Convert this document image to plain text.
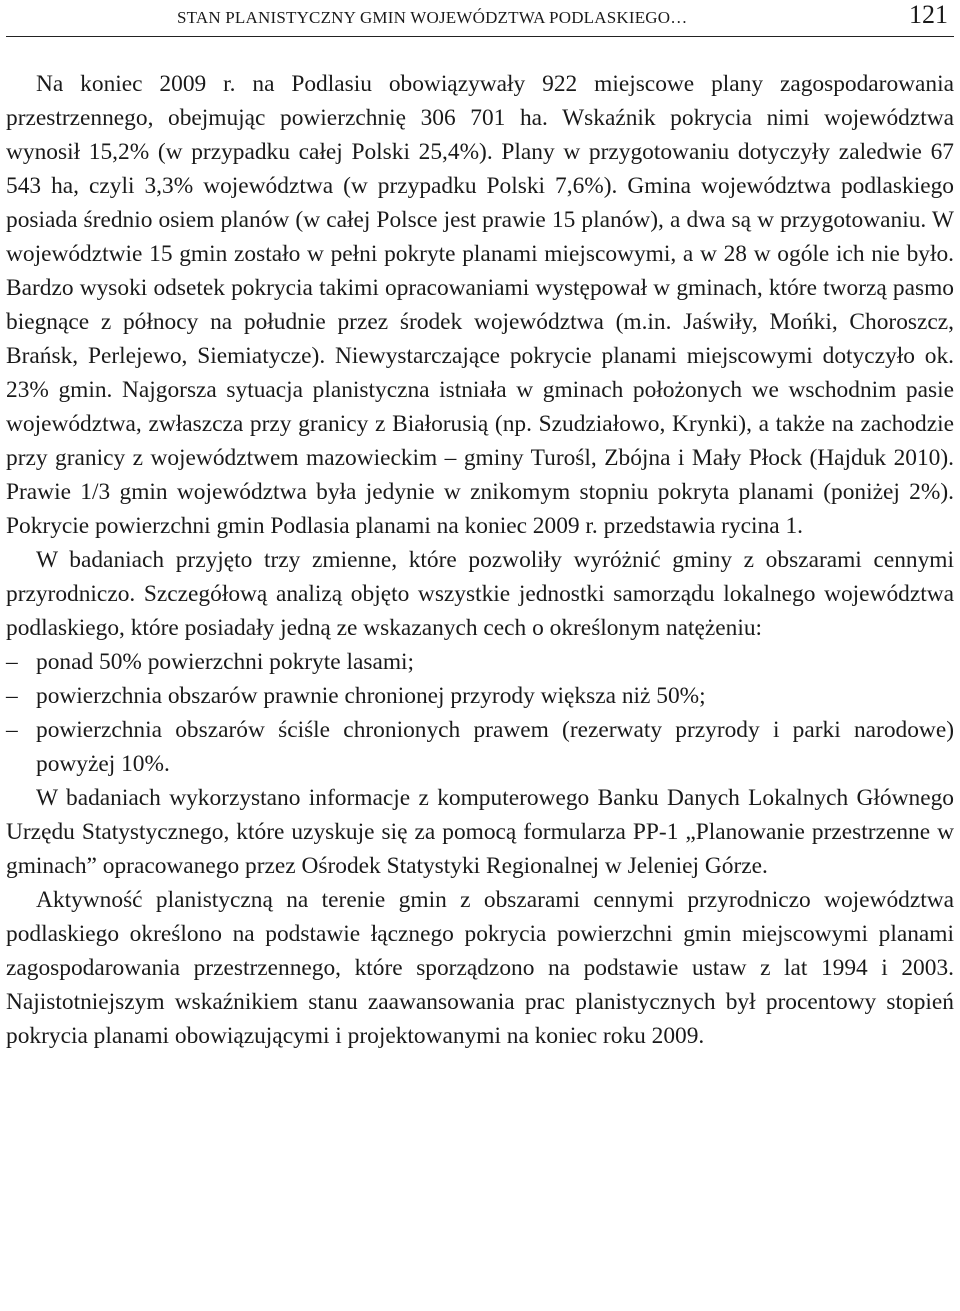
STAN PLANISTYCZNY GMIN WOJEWÓDZTWA PODLASKIEGO…	121

Na koniec 2009 r. na Podlasiu obowiązywały 922 miejscowe plany zagospodarowania przestrzennego, obejmując powierzchnię 306 701 ha. Wskaźnik pokrycia nimi województwa wynosił 15,2% (w przypadku całej Polski 25,4%). Plany w przygotowaniu dotyczyły zaledwie 67 543 ha, czyli 3,3% województwa (w przypadku Polski 7,6%). Gmina województwa podlaskiego posiada średnio osiem planów (w całej Polsce jest prawie 15 planów), a dwa są w przygotowaniu. W województwie 15 gmin zostało w pełni pokryte planami miejscowymi, a w 28 w ogóle ich nie było. Bardzo wysoki odsetek pokrycia takimi opracowaniami występował w gminach, które tworzą pasmo biegnące z północy na południe przez środek województwa (m.in. Jaświły, Mońki, Choroszcz, Brańsk, Perlejewo, Siemiatycze). Niewystarczające pokrycie planami miejscowymi dotyczyło ok. 23% gmin. Najgorsza sytuacja planistyczna istniała w gminach położonych we wschodnim pasie województwa, zwłaszcza przy granicy z Białorusią (np. Szudziałowo, Krynki), a także na zachodzie przy granicy z województwem mazowieckim – gminy Turośl, Zbójna i Mały Płock (Hajduk 2010). Prawie 1/3 gmin województwa była jedynie w znikomym stopniu pokryta planami (poniżej 2%). Pokrycie powierzchni gmin Podlasia planami na koniec 2009 r. przedstawia rycina 1.

W badaniach przyjęto trzy zmienne, które pozwoliły wyróżnić gminy z obszarami cennymi przyrodniczo. Szczegółową analizą objęto wszystkie jednostki samorządu lokalnego województwa podlaskiego, które posiadały jedną ze wskazanych cech o określonym natężeniu:

– ponad 50% powierzchni pokryte lasami;
– powierzchnia obszarów prawnie chronionej przyrody większa niż 50%;
– powierzchnia obszarów ściśle chronionych prawem (rezerwaty przyrody i parki narodowe) powyżej 10%.

W badaniach wykorzystano informacje z komputerowego Banku Danych Lokalnych Głównego Urzędu Statystycznego, które uzyskuje się za pomocą formularza PP-1 „Planowanie przestrzenne w gminach” opracowanego przez Ośrodek Statystyki Regionalnej w Jeleniej Górze.

Aktywność planistyczną na terenie gmin z obszarami cennymi przyrodniczo województwa podlaskiego określono na podstawie łącznego pokrycia powierzchni gmin miejscowymi planami zagospodarowania przestrzennego, które sporządzono na podstawie ustaw z lat 1994 i 2003. Najistotniejszym wskaźnikiem stanu zaawansowania prac planistycznych był procentowy stopień pokrycia planami obowiązującymi i projektowanymi na koniec roku 2009.
